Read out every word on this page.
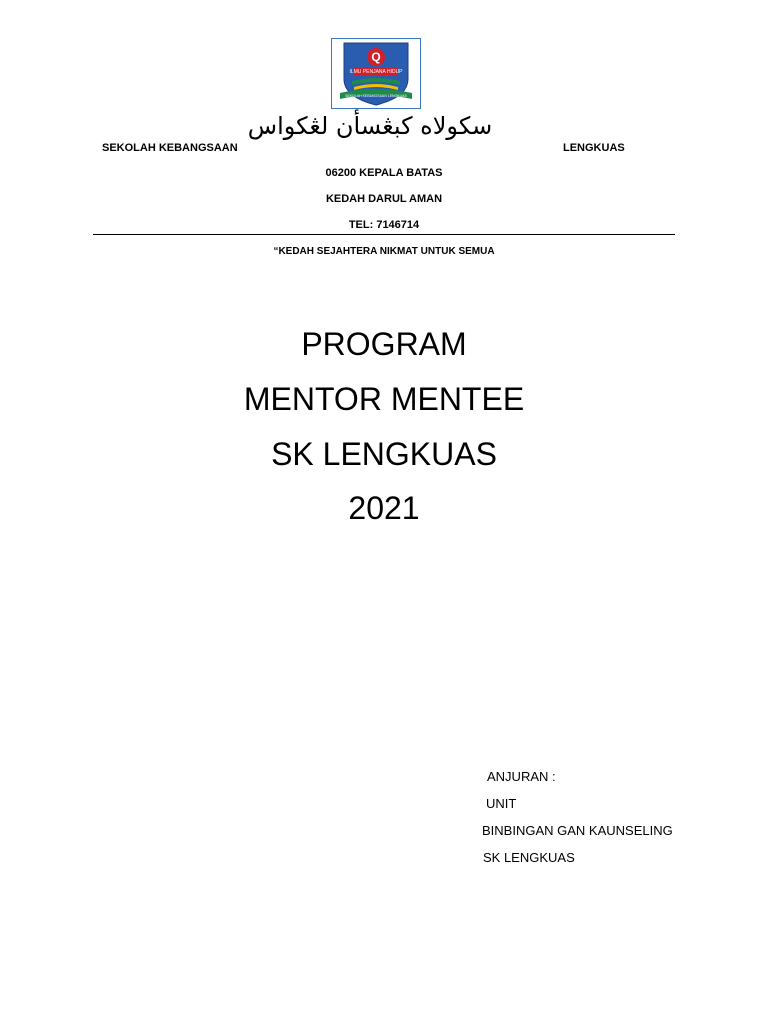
Q
ILMU PENJANA HIDUP
SEKOLAH KEBANGSAAN LENGKUAS
سكولاه كبڠسأن لڠكواس
SEKOLAH KEBANGSAAN	LENGKUAS
06200 KEPALA BATAS
KEDAH DARUL AMAN
TEL: 7146714
“KEDAH SEJAHTERA NIKMAT UNTUK SEMUA
PROGRAM
MENTOR MENTEE
SK LENGKUAS
2021
ANJURAN :
UNIT
BINBINGAN GAN KAUNSELING
SK LENGKUAS
